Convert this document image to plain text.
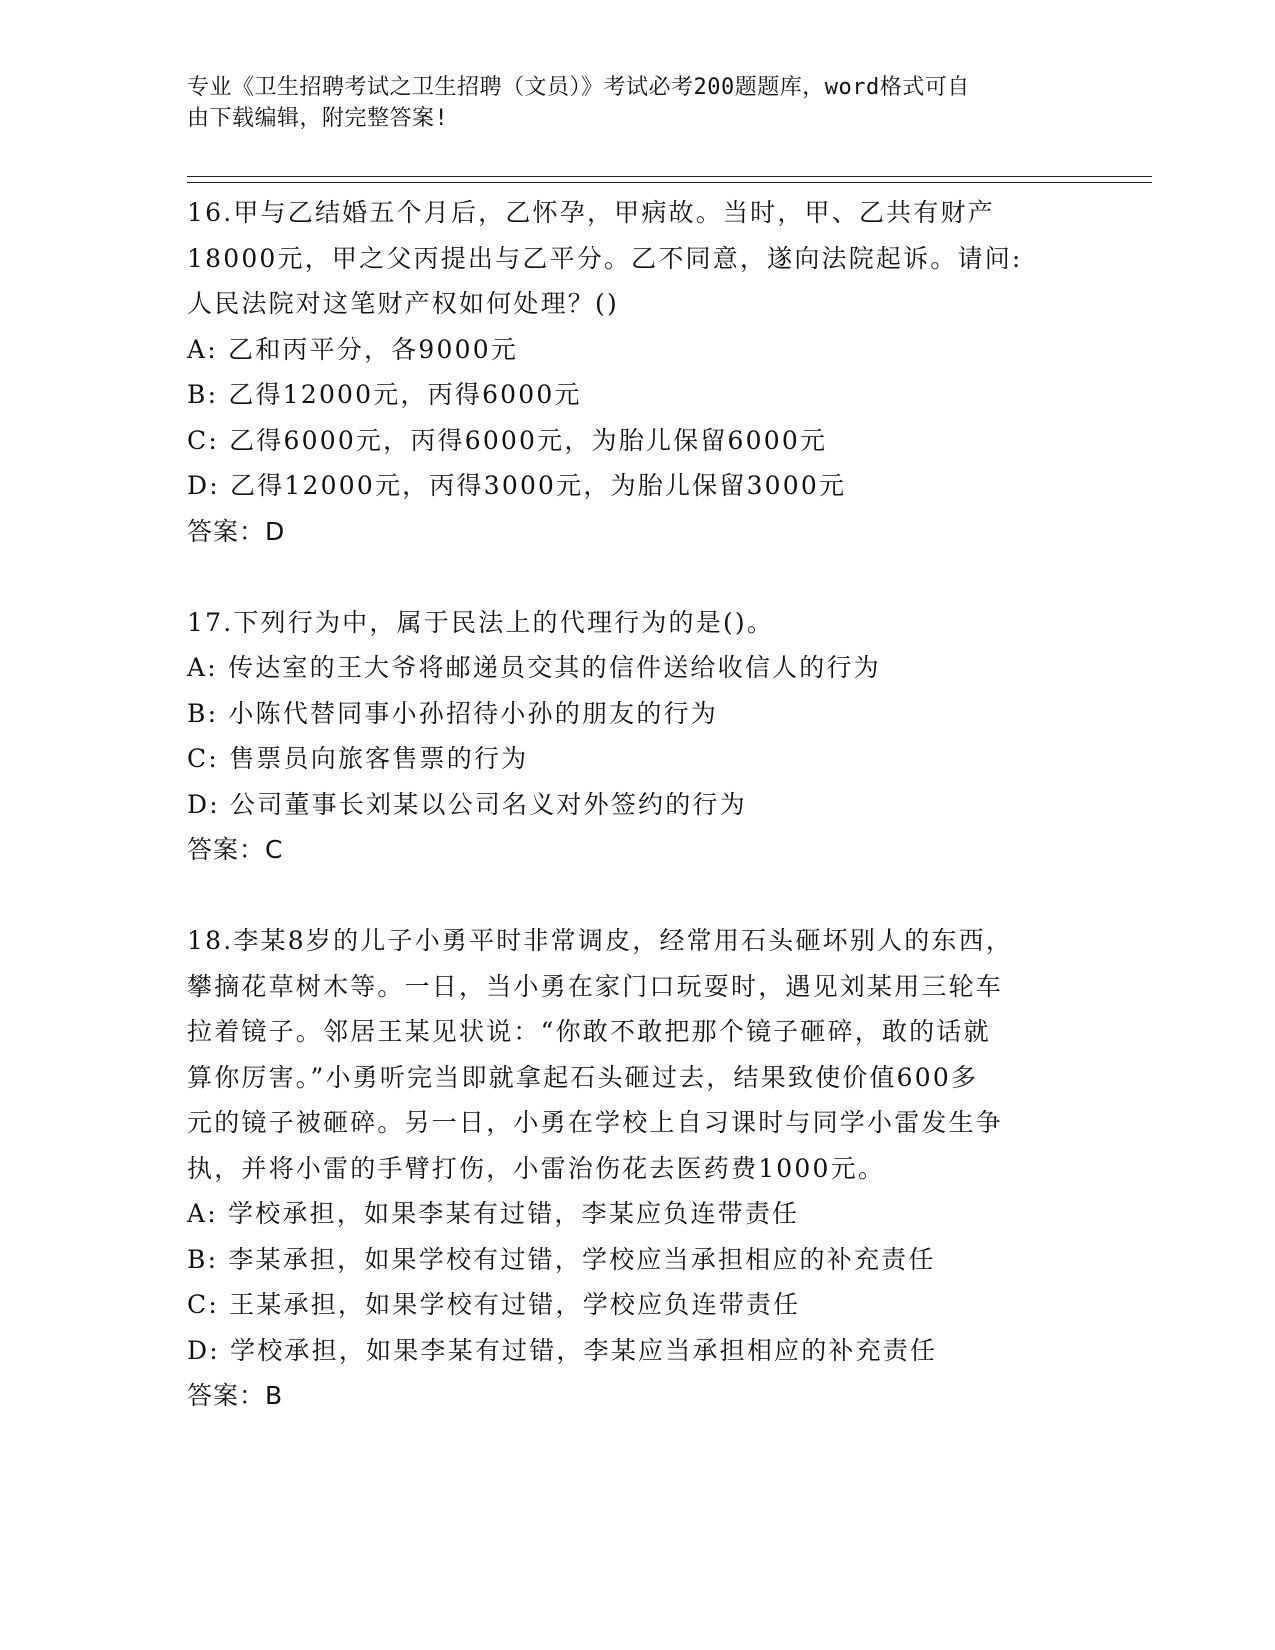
专业《卫生招聘考试之卫生招聘（文员）》考试必考200题题库，word格式可自
由下载编辑，附完整答案!
16.甲与乙结婚五个月后，乙怀孕，甲病故。当时，甲、乙共有财产
18000元，甲之父丙提出与乙平分。乙不同意，遂向法院起诉。请问:
人民法院对这笔财产权如何处理？()
A: 乙和丙平分，各9000元
B: 乙得12000元，丙得6000元
C: 乙得6000元，丙得6000元，为胎儿保留6000元
D: 乙得12000元，丙得3000元，为胎儿保留3000元
答案：D
17.下列行为中，属于民法上的代理行为的是()。
A: 传达室的王大爷将邮递员交其的信件送给收信人的行为
B: 小陈代替同事小孙招待小孙的朋友的行为
C: 售票员向旅客售票的行为
D: 公司董事长刘某以公司名义对外签约的行为
答案：C
18.李某8岁的儿子小勇平时非常调皮，经常用石头砸坏别人的东西，
攀摘花草树木等。一日，当小勇在家门口玩耍时，遇见刘某用三轮车
拉着镜子。邻居王某见状说：“你敢不敢把那个镜子砸碎，敢的话就
算你厉害。”小勇听完当即就拿起石头砸过去，结果致使价值600多
元的镜子被砸碎。另一日，小勇在学校上自习课时与同学小雷发生争
执，并将小雷的手臂打伤，小雷治伤花去医药费1000元。
A: 学校承担，如果李某有过错，李某应负连带责任
B: 李某承担，如果学校有过错，学校应当承担相应的补充责任
C: 王某承担，如果学校有过错，学校应负连带责任
D: 学校承担，如果李某有过错，李某应当承担相应的补充责任
答案：B
